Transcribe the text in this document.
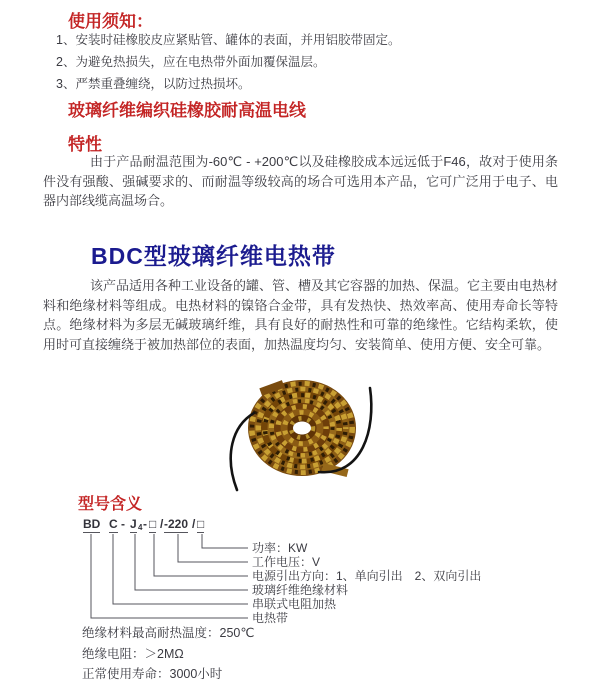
使用须知：
1、安装时硅橡胶皮应紧贴管、罐体的表面，并用铝胶带固定。
2、为避免热损失，应在电热带外面加覆保温层。
3、严禁重叠缠绕，以防过热损坏。
玻璃纤维编织硅橡胶耐高温电线
特性
由于产品耐温范围为-60℃ - +200℃以及硅橡胶成本远远低于F46，故对于使用条件没有强酸、强碱要求的、而耐温等级较高的场合可选用本产品，它可广泛用于电子、电器内部线缆高温场合。
BDC型玻璃纤维电热带
该产品适用各种工业设备的罐、管、槽及其它容器的加热、保温。它主要由电热材料和绝缘材料等组成。电热材料的镍铬合金带，具有发热快、热效率高、使用寿命长等特点。绝缘材料为多层无碱玻璃纤维，具有良好的耐热性和可靠的绝缘性。它结构柔软，使用时可直接缠绕于被加热部位的表面，加热温度均匀、安装简单、使用方便、安全可靠。
型号含义
BD C - J 4 - □ / -220 / □
功率：KW
工作电压：V
电源引出方向：1、单向引出　2、双向引出
玻璃纤维绝缘材料
串联式电阻加热
电热带
绝缘材料最高耐热温度：250℃
绝缘电阻：＞2MΩ
正常使用寿命：3000小时
